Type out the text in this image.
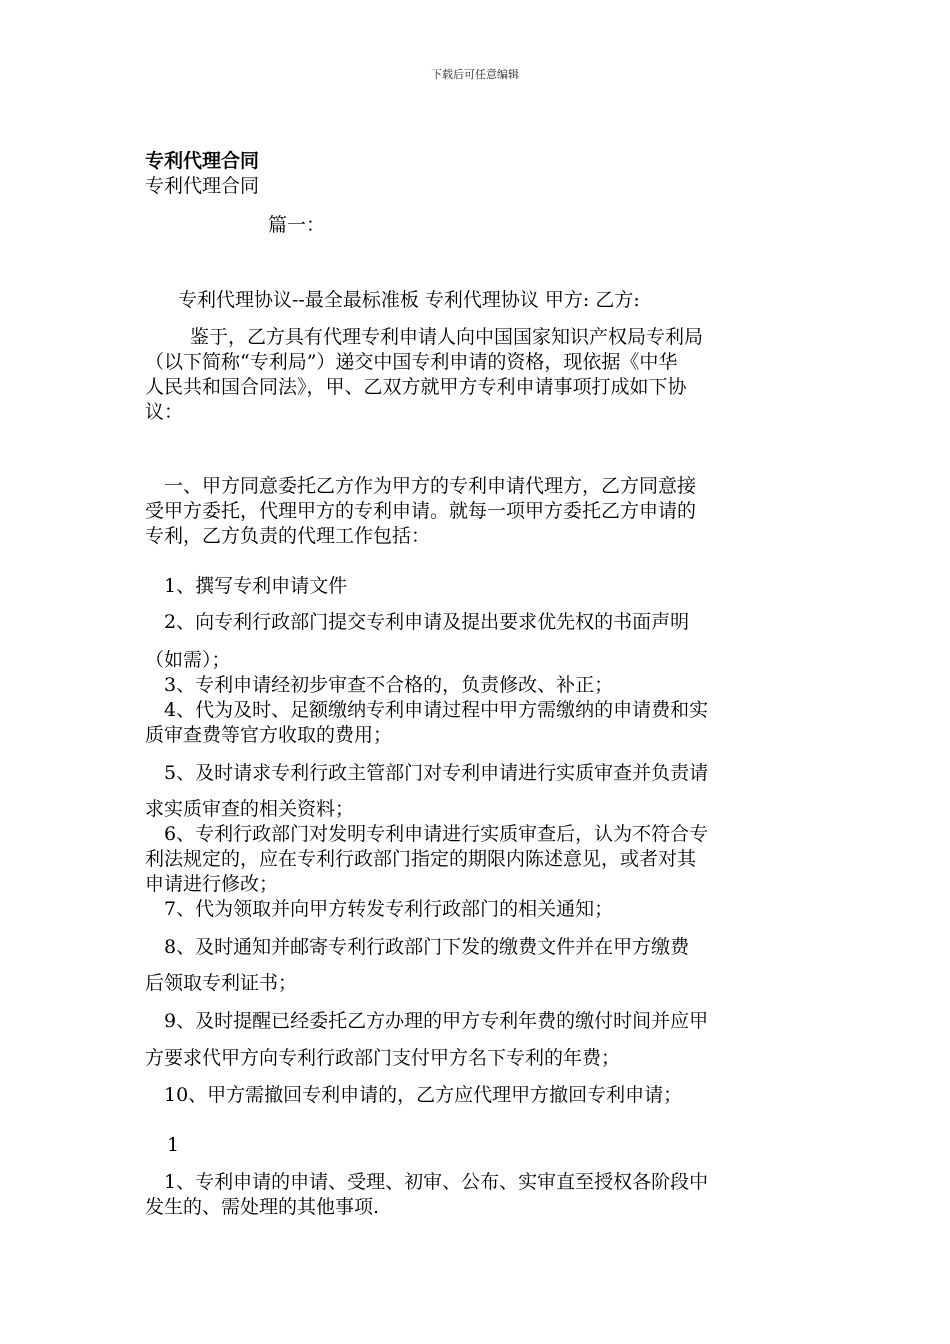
下载后可任意编辑
专利代理合同
专利代理合同
篇一：
专利代理协议--最全最标准板 专利代理协议 甲方: 乙方:
鉴于，乙方具有代理专利申请人向中国国家知识产权局专利局
（以下简称“专利局”）递交中国专利申请的资格，现依据《中华
人民共和国合同法》，甲、乙双方就甲方专利申请事项打成如下协
议：
一、甲方同意委托乙方作为甲方的专利申请代理方，乙方同意接
受甲方委托，代理甲方的专利申请。就每一项甲方委托乙方申请的
专利，乙方负责的代理工作包括：
1、撰写专利申请文件
2、向专利行政部门提交专利申请及提出要求优先权的书面声明
（如需）；
3、专利申请经初步审查不合格的，负责修改、补正；
4、代为及时、足额缴纳专利申请过程中甲方需缴纳的申请费和实
质审查费等官方收取的费用；
5、及时请求专利行政主管部门对专利申请进行实质审查并负责请
求实质审查的相关资料；
6、专利行政部门对发明专利申请进行实质审查后，认为不符合专
利法规定的，应在专利行政部门指定的期限内陈述意见，或者对其
申请进行修改；
7、代为领取并向甲方转发专利行政部门的相关通知；
8、及时通知并邮寄专利行政部门下发的缴费文件并在甲方缴费
后领取专利证书；
9、及时提醒已经委托乙方办理的甲方专利年费的缴付时间并应甲
方要求代甲方向专利行政部门支付甲方名下专利的年费；
10、甲方需撤回专利申请的，乙方应代理甲方撤回专利申请；
1
1、专利申请的申请、受理、初审、公布、实审直至授权各阶段中
发生的、需处理的其他事项.
